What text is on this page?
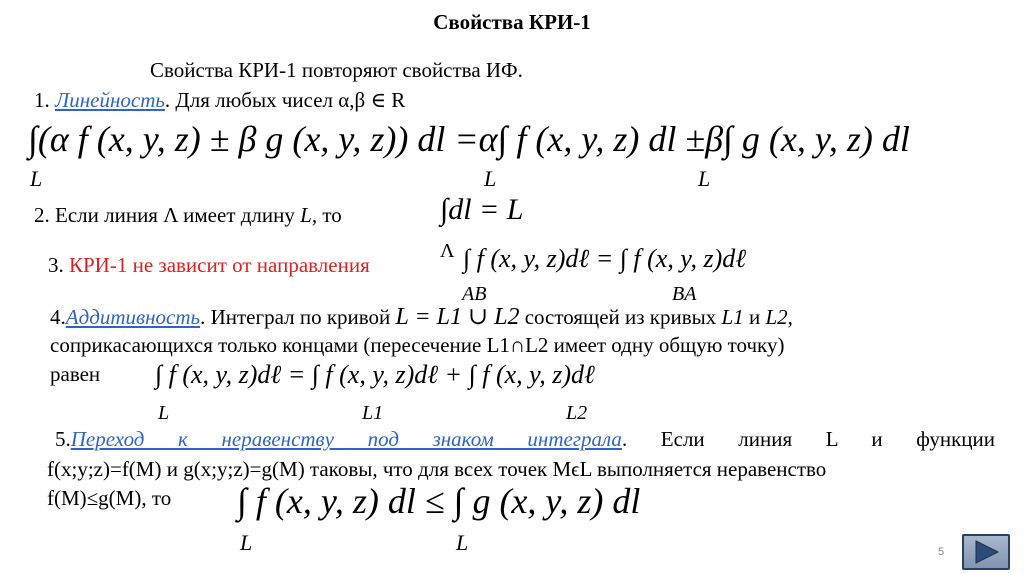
Свойства КРИ-1
Свойства КРИ-1 повторяют свойства ИФ.
1. Линейность. Для любых чисел α,β ∈ R
∫(α f (x, y, z) ± β g (x, y, z)) dl =α∫ f (x, y, z) dl ±β∫ g (x, y, z) dl
L	L	L
2. Если линия Λ имеет длину L, то	∫dl = L
Λ
3. КРИ-1 не зависит от направления	∫ f (x, y, z)dℓ = ∫ f (x, y, z)dℓ
AB	BA
4.Аддитивность. Интеграл по кривой L = L1 ∪ L2 состоящей из кривых L1 и L2,
соприкасающихся только концами (пересечение L1∩L2 имеет одну общую точку)
равен ∫ f (x, y, z)dℓ = ∫ f (x, y, z)dℓ + ∫ f (x, y, z)dℓ
L	L1	L2
5.Переход к неравенству под знаком интеграла. Если линия L и функции
f(x;y;z)=f(M) и g(x;y;z)=g(M) таковы, что для всех точек MϵL выполняется неравенство
f(M)≤g(M), то ∫ f (x, y, z) dl ≤ ∫ g (x, y, z) dl
L	L	5
